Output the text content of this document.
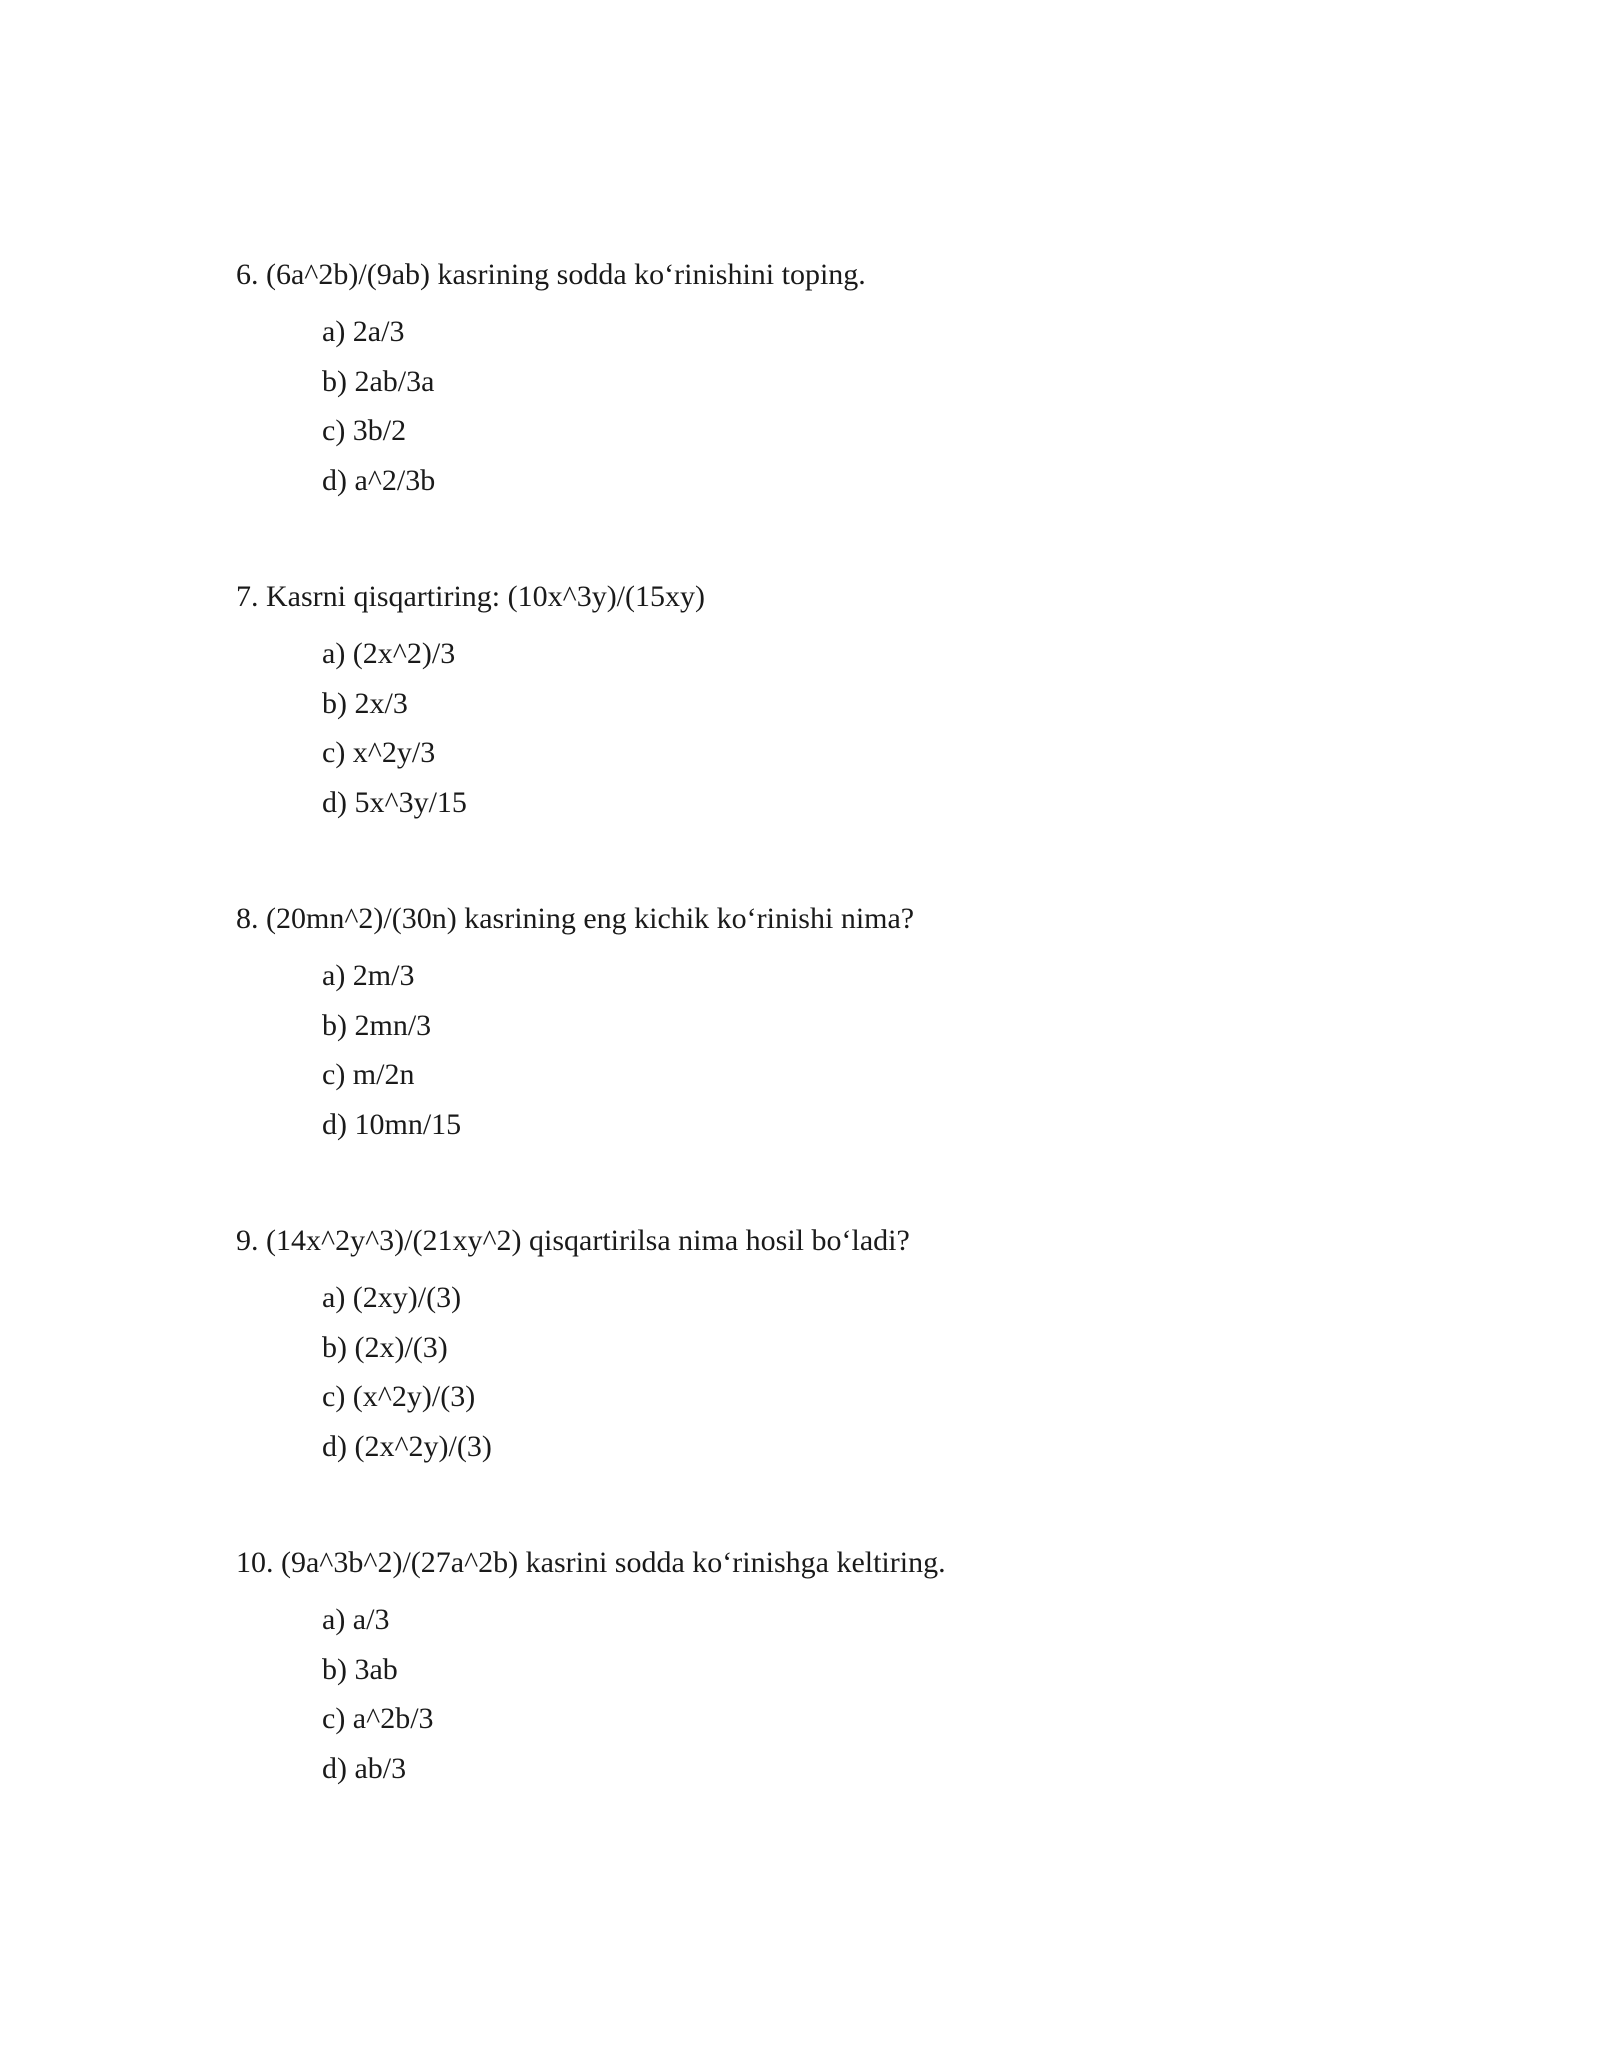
6. (6a^2b)/(9ab) kasrining sodda ko‘rinishini toping.
a) 2a/3
b) 2ab/3a
c) 3b/2
d) a^2/3b
7. Kasrni qisqartiring: (10x^3y)/(15xy)
a) (2x^2)/3
b) 2x/3
c) x^2y/3
d) 5x^3y/15
8. (20mn^2)/(30n) kasrining eng kichik ko‘rinishi nima?
a) 2m/3
b) 2mn/3
c) m/2n
d) 10mn/15
9. (14x^2y^3)/(21xy^2) qisqartirilsa nima hosil bo‘ladi?
a) (2xy)/(3)
b) (2x)/(3)
c) (x^2y)/(3)
d) (2x^2y)/(3)
10. (9a^3b^2)/(27a^2b) kasrini sodda ko‘rinishga keltiring.
a) a/3
b) 3ab
c) a^2b/3
d) ab/3
